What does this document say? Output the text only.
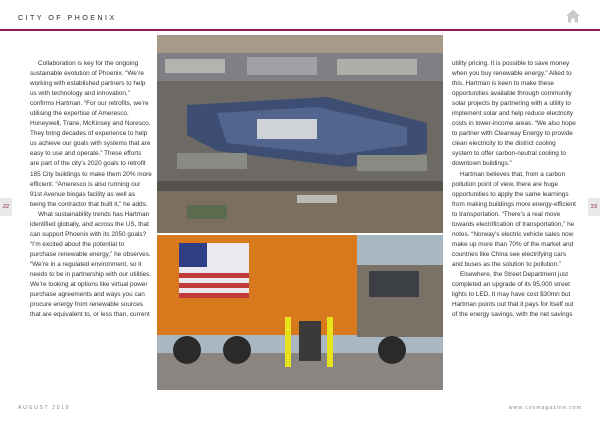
CITY OF PHOENIX
22	23

Collaboration is key for the ongoing sustainable evolution of Phoenix. “We’re working with established partners to help us with technology and innovation,” confirms Hartman. “For our retrofits, we’re utilising the expertise of Ameresco, Honeywell, Trane, McKinsey and Noresco. They bring decades of experience to help us achieve our goals with systems that are easy to use and operate.” These efforts are part of the city’s 2020 goals to retrofit 185 City buildings to make them 20% more efficient. “Ameresco is also running our 91st Avenue biogas facility as well as being the contractor that built it,” he adds.

What sustainability trends has Hartman identified globally, and across the US, that can support Phoenix with its 2050 goals? “I’m excited about the potential to purchase renewable energy,” he observes. “We’re in a regulated environment, so it needs to be in partnership with our utilities. We’re looking at options like virtual power purchase agreements and ways you can procure energy from renewable sources that are equivalent to, or less than, current

utility pricing. It is possible to save money when you buy renewable energy.” Allied to this, Hartman is keen to make these opportunities available through community solar projects by partnering with a utility to implement solar and help reduce electricity costs in lower-income areas. “We also hope to partner with Clearway Energy to provide clean electricity to the district cooling system to offer carbon-neutral cooling to downtown buildings.”

Hartman believes that, from a carbon pollution point of view, there are huge opportunities to apply the same learnings from making buildings more energy-efficient to transportation. “There’s a real move towards electrification of transportation,” he notes. “Norway’s electric vehicle sales now make up more than 70% of the market and countries like China see electrifying cars and buses as the solution to pollution.”

Elsewhere, the Street Department just completed an upgrade of its 95,000 street lights to LED. It may have cost $30mn but Hartman points out that it pays for itself out of the energy savings, with the net savings

AUGUST 2019	www.cvomagazine.com
